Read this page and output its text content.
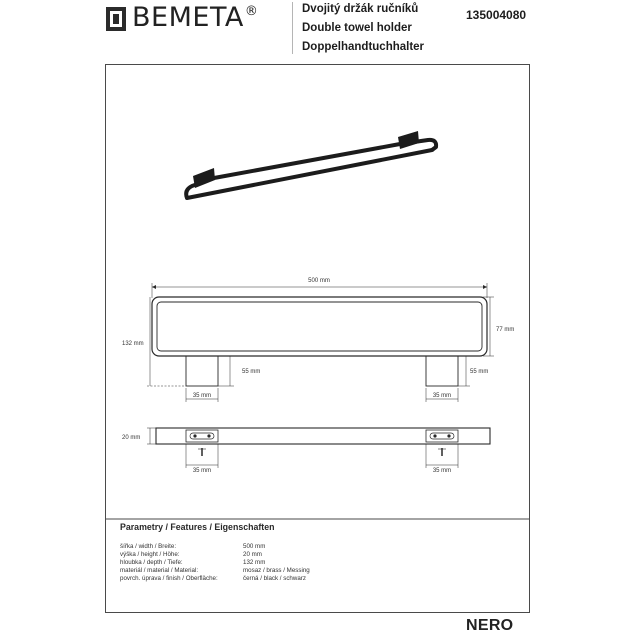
BEMETA®	Dvojitý držák ručníků
Double towel holder
Doppelhandtuchhalter
135004080
500 mm
132 mm
77 mm
55 mm	55 mm
35 mm	35 mm
20 mm
35 mm	35 mm
Parametry / Features / Eigenschaften
šířka / width / Breite:	500 mm
výška / height / Höhe:	20 mm
hloubka / depth / Tiefe:	132 mm
materiál / material / Material:	mosaz / brass / Messing
povrch. úprava / finish / Oberfläche:	černá / black / schwarz
NERO
